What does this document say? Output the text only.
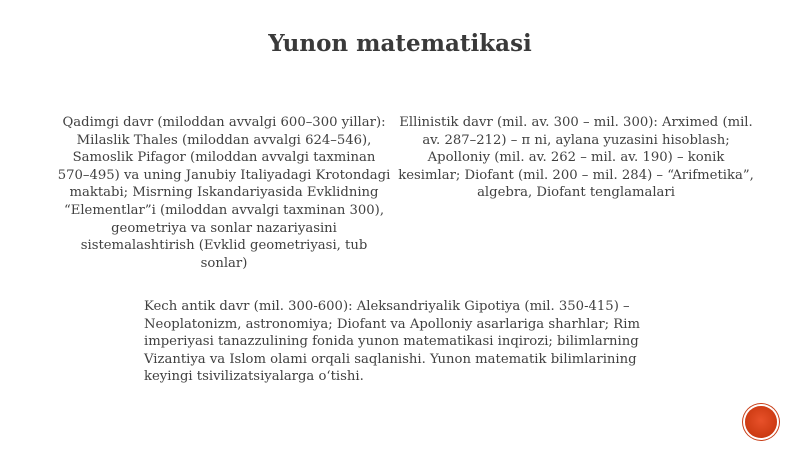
Yunon matematikasi
Qadimgi davr (miloddan avvalgi 600–300 yillar): Milaslik Thales (miloddan avvalgi 624–546), Samoslik Pifagor (miloddan avvalgi taxminan 570–495) va uning Janubiy Italiyadagi Krotondagi maktabi; Misrning Iskandariyasida Evklidning “Elementlar”i (miloddan avvalgi taxminan 300), geometriya va sonlar nazariyasini sistemalashtirish (Evklid geometriyasi, tub sonlar)
Ellinistik davr (mil. av. 300 – mil. 300): Arximed (mil. av. 287–212) – π ni, aylana yuzasini hisoblash; Apolloniy (mil. av. 262 – mil. av. 190) – konik kesimlar; Diofant (mil. 200 – mil. 284) – “Arifmetika”, algebra, Diofant tenglamalari
Kech antik davr (mil. 300-600): Aleksandriyalik Gipotiya (mil. 350-415) – Neoplatonizm, astronomiya; Diofant va Apolloniy asarlariga sharhlar; Rim imperiyasi tanazzulining fonida yunon matematikasi inqirozi; bilimlarning Vizantiya va Islom olami orqali saqlanishi. Yunon matematik bilimlarining keyingi tsivilizatsiyalarga o‘tishi.
